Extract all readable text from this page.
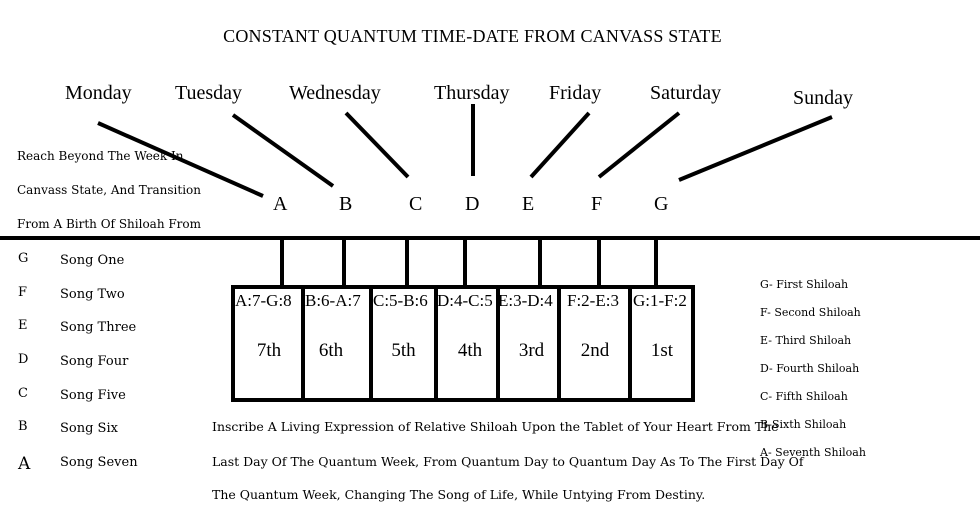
CONSTANT QUANTUM TIME-DATE FROM CANVASS STATE
Monday Tuesday Wednesday	Thursday Friday Saturday	Sunday
A	B	C D E	F	G
Reach Beyond The Week In
Canvass State, And Transition
From A Birth Of Shiloah From
G Song One
F	Song Two
E	Song Three
D Song Four
C Song Five
B Song Six
A Song Seven
A:7-G:8 B:6-A:7 C:5-B:6 D:4-C:5 E:3-D:4 F:2-E:3 G:1-F:2
7th	6th	5th	4th	3rd	2nd	1st
G- First Shiloah
F- Second Shiloah
E- Third Shiloah
D- Fourth Shiloah
C- Fifth Shiloah
B-Sixth Shiloah
A- Seventh Shiloah
Inscribe A Living Expression of Relative Shiloah Upon the Tablet of Your Heart From The
Last Day Of The Quantum Week, From Quantum Day to Quantum Day As To The First Day Of
The Quantum Week, Changing The Song of Life, While Untying From Destiny.
